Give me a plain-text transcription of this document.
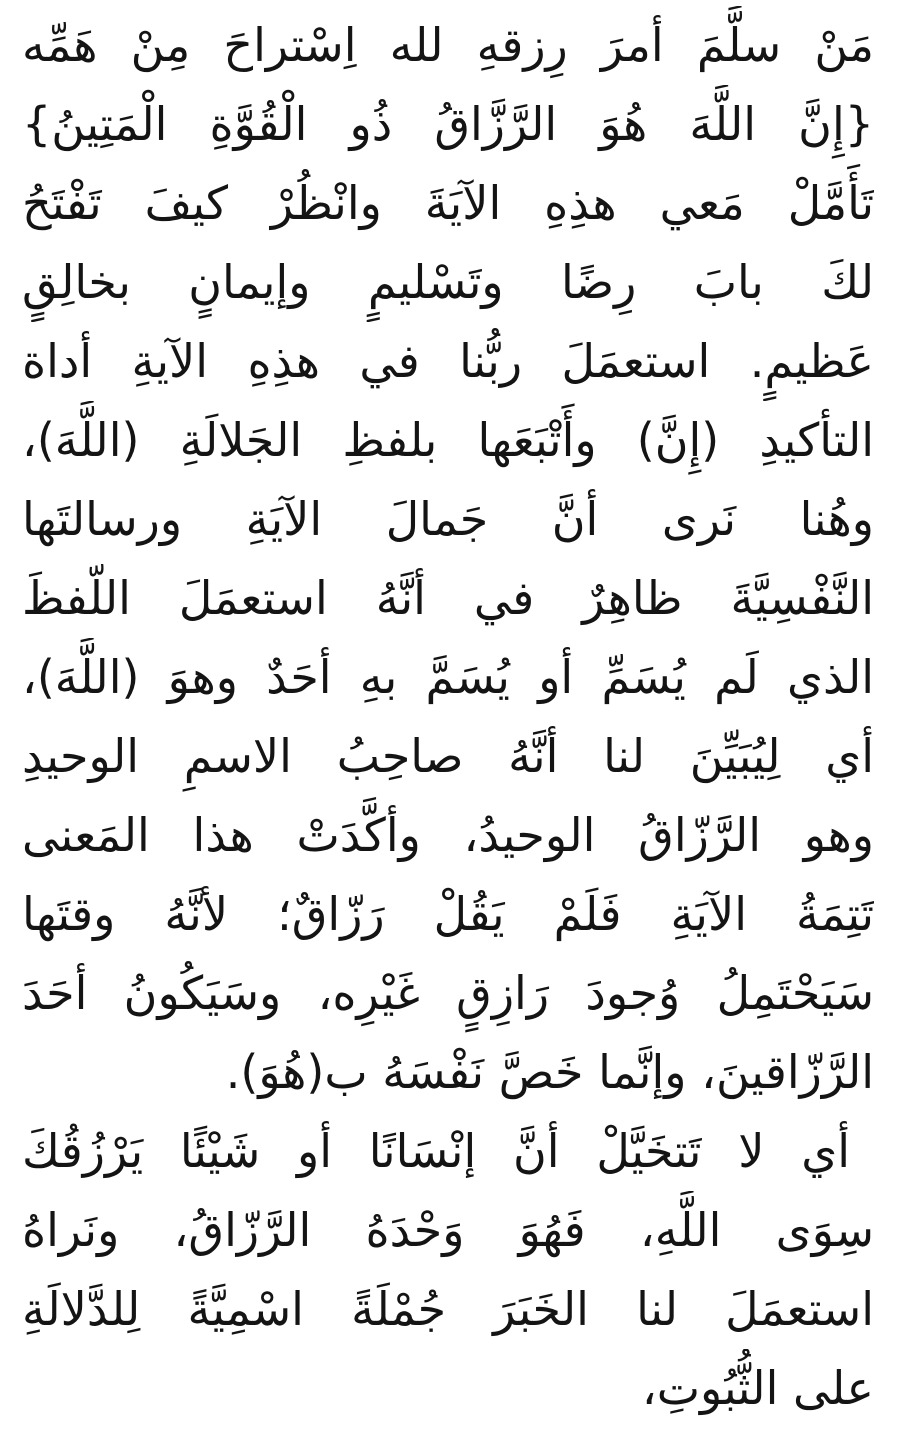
مَنْ سلَّمَ أمرَ رِزقهِ لله اِسْتراحَ مِنْ هَمِّه
{إِنَّ اللَّهَ هُوَ الرَّزَّاقُ ذُو الْقُوَّةِ الْمَتِينُ}
تَأَمَّلْ مَعي هذِهِ الآيَةَ وانْظُرْ كيفَ تَفْتَحُ
لكَ بابَ رِضًا وتَسْليمٍ وإيمانٍ بخالِقٍ
عَظيمٍ. استعمَلَ ربُّنا في هذِهِ الآيةِ أداة
التأكيدِ (إِنَّ) وأَتْبَعَها بلفظِ الجَلالَةِ (اللَّهَ)،
وهُنا نَرى أنَّ جَمالَ الآيَةِ ورسالتَها
النَّفْسِيَّةَ ظاهِرٌ في أنَّهُ استعمَلَ اللّفظَ
الذي لَم يُسَمِّ أو يُسَمَّ بهِ أحَدٌ وهوَ (اللَّهَ)،
أي لِيُبَيِّنَ لنا أنَّهُ صاحِبُ الاسمِ الوحيدِ
وهو الرَّزّاقُ الوحيدُ، وأكَّدَتْ هذا المَعنى
تَتِمَةُ الآيَةِ فَلَمْ يَقُلْ رَزّاقٌ؛ لأنَّهُ وقتَها
سَيَحْتَمِلُ وُجودَ رَازِقٍ غَيْرِه، وسَيَكُونُ أحَدَ
الرَّزّاقينَ، وإنَّما خَصَّ نَفْسَهُ ب(هُوَ).
أي لا تَتخَيَّلْ أنَّ إنْسَانًا أو شَيْئًا يَرْزُقُكَ
سِوَى اللَّهِ، فَهُوَ وَحْدَهُ الرَّزّاقُ، ونَراهُ
استعمَلَ لنا الخَبَرَ جُمْلَةً اسْمِيَّةً لِلدَّلالَةِ
على الثُّبُوتِ،
